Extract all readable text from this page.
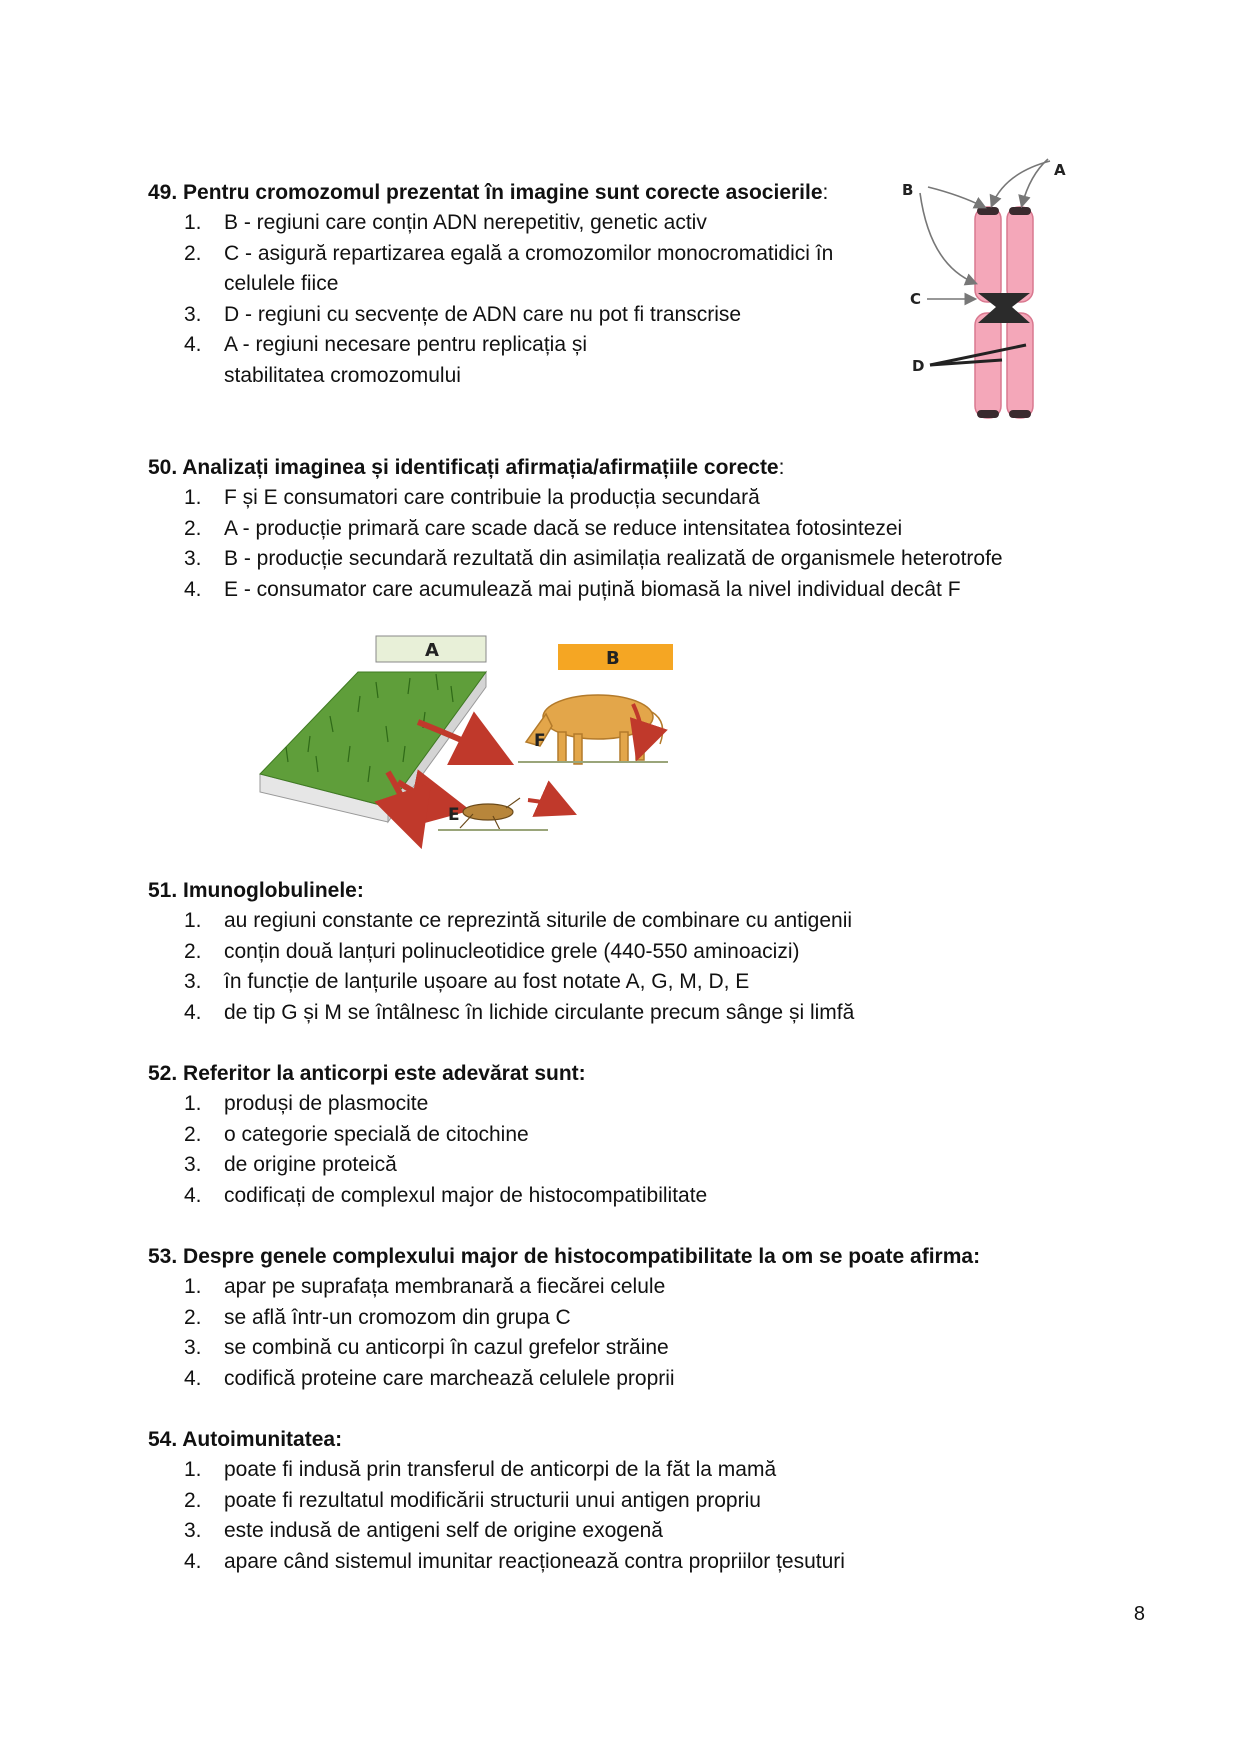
49. Pentru cromozomul prezentat în imagine sunt corecte asocierile:

1. B - regiuni care conțin ADN nerepetitiv, genetic activ
2. C - asigură repartizarea egală a cromozomilor monocromatidici în celulele fiice
3. D - regiuni cu secvențe de ADN care nu pot fi transcrise
4. A - regiuni necesare pentru replicația și stabilitatea cromozomului
A
B
C
D

50. Analizați imaginea și identificați afirmația/afirmațiile corecte:

1. F și E consumatori care contribuie la producția secundară
2. A - producție primară care scade dacă se reduce intensitatea fotosintezei
3. B - producție secundară rezultată din asimilația realizată de organismele heterotrofe
4. E - consumator care acumulează mai puțină biomasă la nivel individual decât F
A	B
F
E

51. Imunoglobulinele:

1. au regiuni constante ce reprezintă siturile de combinare cu antigenii
2. conțin două lanțuri polinucleotidice grele (440-550 aminoacizi)
3. în funcție de lanțurile ușoare au fost notate A, G, M, D, E
4. de tip G și M se întâlnesc în lichide circulante precum sânge și limfă

52. Referitor la anticorpi este adevărat sunt:

1. produși de plasmocite
2. o categorie specială de citochine
3. de origine proteică
4. codificați de complexul major de histocompatibilitate

53. Despre genele complexului major de histocompatibilitate la om se poate afirma:

1. apar pe suprafața membranară a fiecărei celule
2. se află într-un cromozom din grupa C
3. se combină cu anticorpi în cazul grefelor străine
4. codifică proteine care marchează celulele proprii

54. Autoimunitatea:

1. poate fi indusă prin transferul de anticorpi de la făt la mamă
2. poate fi rezultatul modificării structurii unui antigen propriu
3. este indusă de antigeni self de origine exogenă
4. apare când sistemul imunitar reacționează contra propriilor țesuturi
8
